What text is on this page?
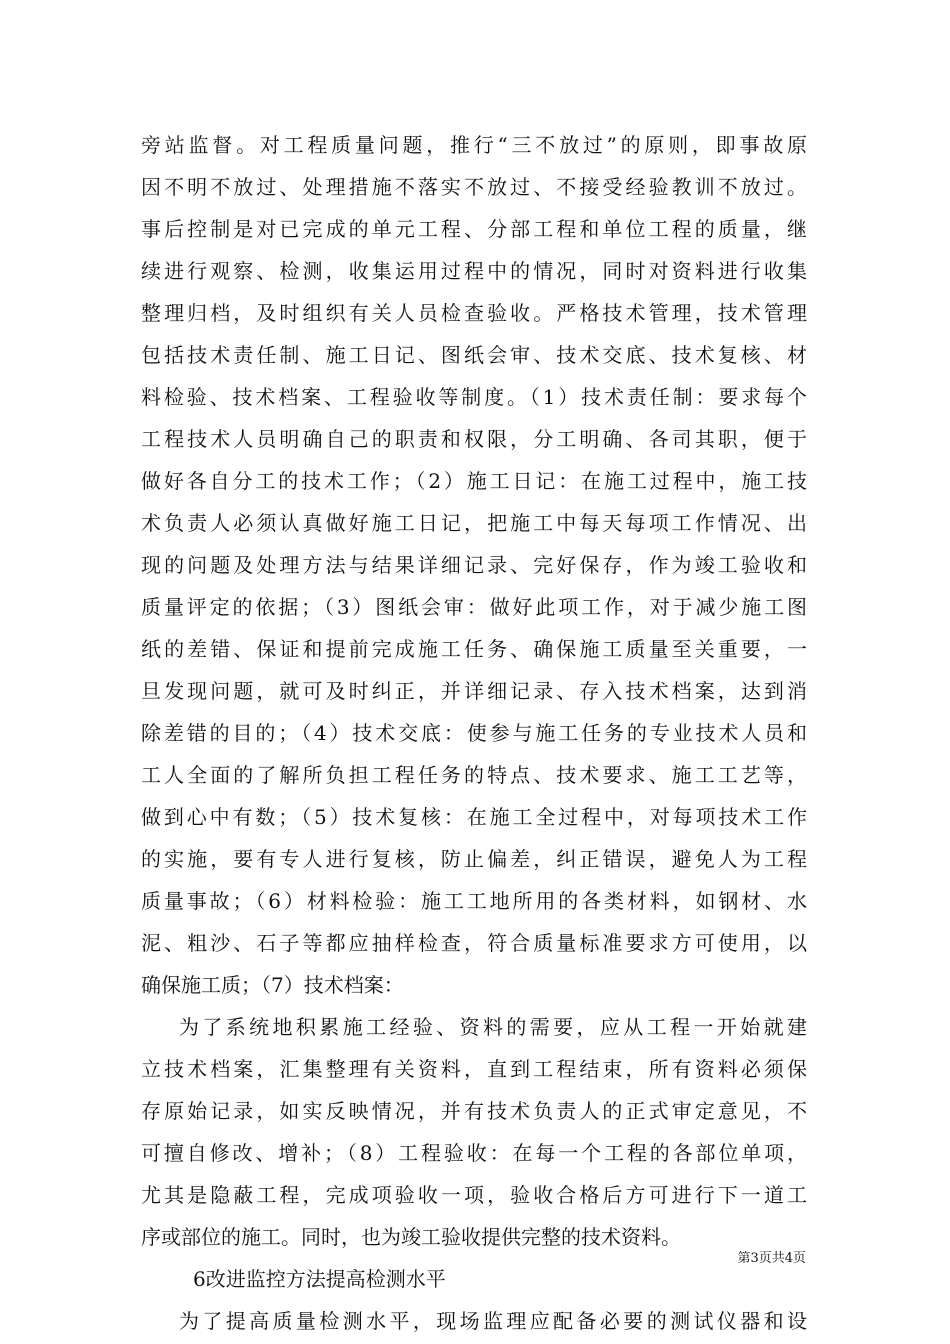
旁站监督。对工程质量问题，推行“三不放过”的原则，即事故原
因不明不放过、处理措施不落实不放过、不接受经验教训不放过。
事后控制是对已完成的单元工程、分部工程和单位工程的质量，继
续进行观察、检测，收集运用过程中的情况，同时对资料进行收集
整理归档，及时组织有关人员检查验收。严格技术管理，技术管理
包括技术责任制、施工日记、图纸会审、技术交底、技术复核、材
料检验、技术档案、工程验收等制度。（1）技术责任制：要求每个
工程技术人员明确自己的职责和权限，分工明确、各司其职，便于
做好各自分工的技术工作；（2）施工日记：在施工过程中，施工技
术负责人必须认真做好施工日记，把施工中每天每项工作情况、出
现的问题及处理方法与结果详细记录、完好保存，作为竣工验收和
质量评定的依据；（3）图纸会审：做好此项工作，对于减少施工图
纸的差错、保证和提前完成施工任务、确保施工质量至关重要，一
旦发现问题，就可及时纠正，并详细记录、存入技术档案，达到消
除差错的目的；（4）技术交底：使参与施工任务的专业技术人员和
工人全面的了解所负担工程任务的特点、技术要求、施工工艺等，
做到心中有数；（5）技术复核：在施工全过程中，对每项技术工作
的实施，要有专人进行复核，防止偏差，纠正错误，避免人为工程
质量事故；（6）材料检验：施工工地所用的各类材料，如钢材、水
泥、粗沙、石子等都应抽样检查，符合质量标准要求方可使用，以
确保施工质；（7）技术档案：
为了系统地积累施工经验、资料的需要，应从工程一开始就建
立技术档案，汇集整理有关资料，直到工程结束，所有资料必须保
存原始记录，如实反映情况，并有技术负责人的正式审定意见，不
可擅自修改、增补；（8）工程验收：在每一个工程的各部位单项，
尤其是隐蔽工程，完成项验收一项，验收合格后方可进行下一道工
序或部位的施工。同时，也为竣工验收提供完整的技术资料。
6改进监控方法提高检测水平
为了提高质量检测水平，现场监理应配备必要的测试仪器和设
第3页共4页
